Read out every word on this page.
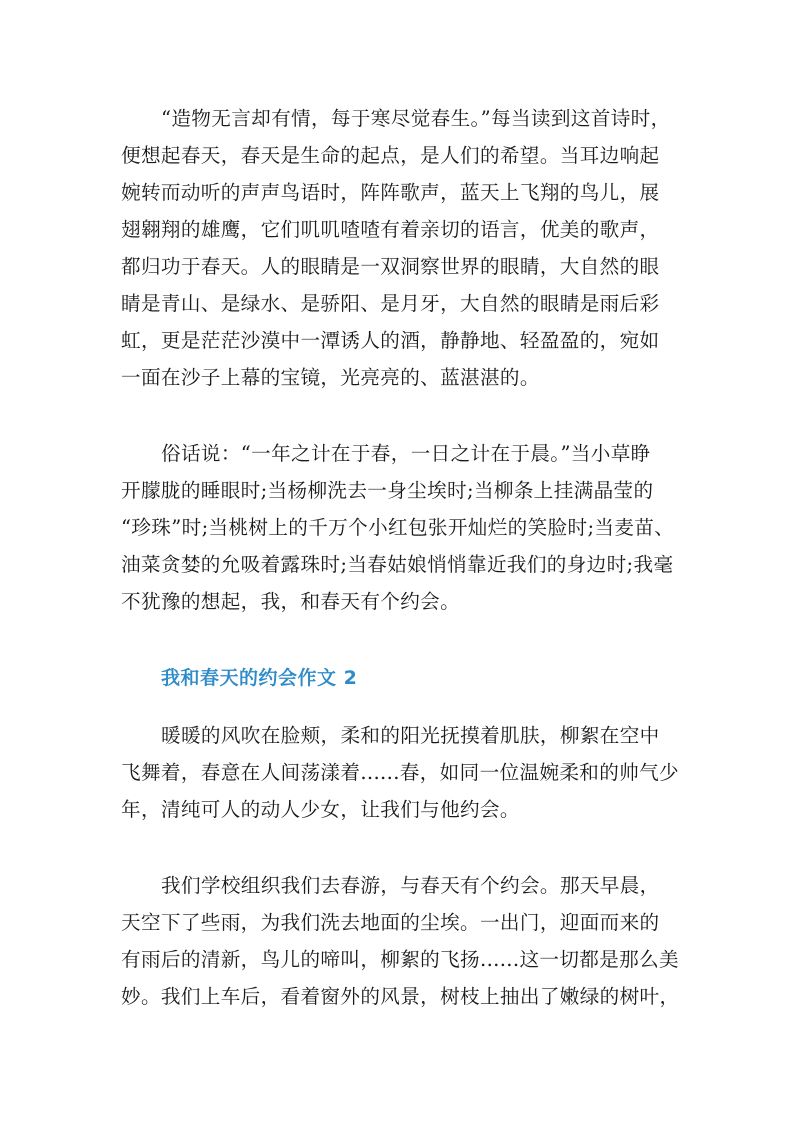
“造物无言却有情，每于寒尽觉春生。”每当读到这首诗时，
便想起春天，春天是生命的起点，是人们的希望。当耳边响起
婉转而动听的声声鸟语时，阵阵歌声，蓝天上飞翔的鸟儿，展
翅翱翔的雄鹰，它们叽叽喳喳有着亲切的语言，优美的歌声，
都归功于春天。人的眼睛是一双洞察世界的眼睛，大自然的眼
睛是青山、是绿水、是骄阳、是月牙，大自然的眼睛是雨后彩
虹，更是茫茫沙漠中一潭诱人的酒，静静地、轻盈盈的，宛如
一面在沙子上幕的宝镜，光亮亮的、蓝湛湛的。
俗话说：“一年之计在于春，一日之计在于晨。”当小草睁
开朦胧的睡眼时;当杨柳洗去一身尘埃时;当柳条上挂满晶莹的
“珍珠”时;当桃树上的千万个小红包张开灿烂的笑脸时;当麦苗、
油菜贪婪的允吸着露珠时;当春姑娘悄悄靠近我们的身边时;我毫
不犹豫的想起，我，和春天有个约会。
我和春天的约会作文 2
暖暖的风吹在脸颊，柔和的阳光抚摸着肌肤，柳絮在空中
飞舞着，春意在人间荡漾着......春，如同一位温婉柔和的帅气少
年，清纯可人的动人少女，让我们与他约会。
我们学校组织我们去春游，与春天有个约会。那天早晨，
天空下了些雨，为我们洗去地面的尘埃。一出门，迎面而来的
有雨后的清新，鸟儿的啼叫，柳絮的飞扬......这一切都是那么美
妙。我们上车后，看着窗外的风景，树枝上抽出了嫩绿的树叶，
